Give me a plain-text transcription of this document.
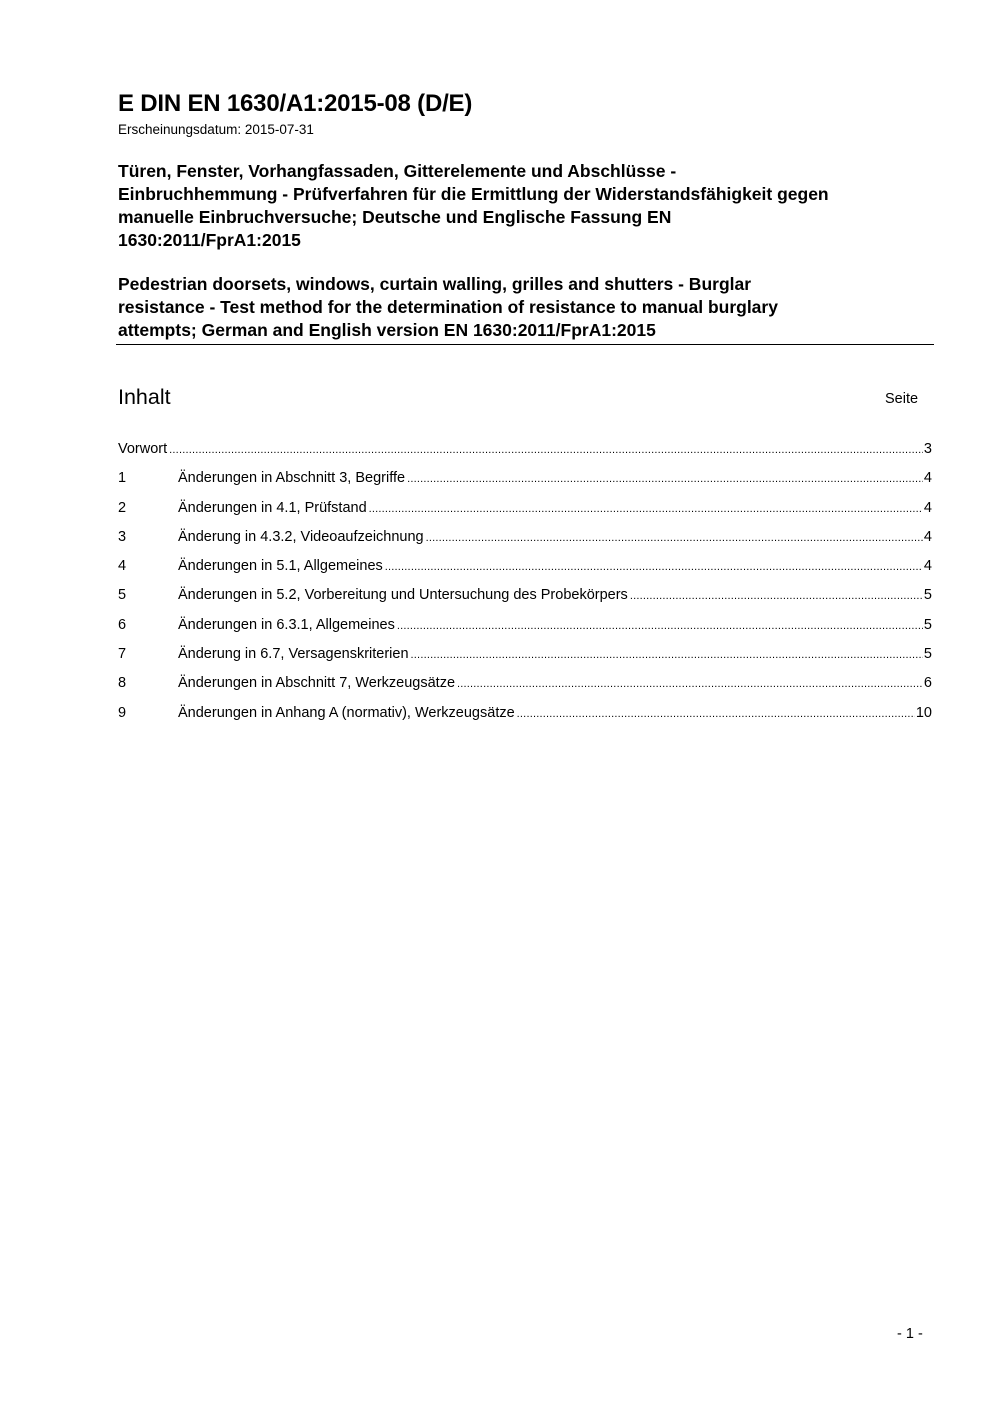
E DIN EN 1630/A1:2015-08 (D/E)
Erscheinungsdatum: 2015-07-31
Türen, Fenster, Vorhangfassaden, Gitterelemente und Abschlüsse -
Einbruchhemmung - Prüfverfahren für die Ermittlung der Widerstandsfähigkeit gegen
manuelle Einbruchversuche; Deutsche und Englische Fassung EN
1630:2011/FprA1:2015
Pedestrian doorsets, windows, curtain walling, grilles and shutters - Burglar
resistance - Test method for the determination of resistance to manual burglary
attempts; German and English version EN 1630:2011/FprA1:2015
Inhalt	Seite
Vorwort .....	3
1	Änderungen in Abschnitt 3, Begriffe .....	4
2	Änderungen in 4.1, Prüfstand .....	4
3	Änderung in 4.3.2, Videoaufzeichnung .....	4
4	Änderungen in 5.1, Allgemeines .....	4
5	Änderungen in 5.2, Vorbereitung und Untersuchung des Probekörpers .....	5
6	Änderungen in 6.3.1, Allgemeines .....	5
7	Änderung in 6.7, Versagenskriterien .....	5
8	Änderungen in Abschnitt 7, Werkzeugsätze .....	6
9	Änderungen in Anhang A (normativ), Werkzeugsätze .....	10
- 1 -
